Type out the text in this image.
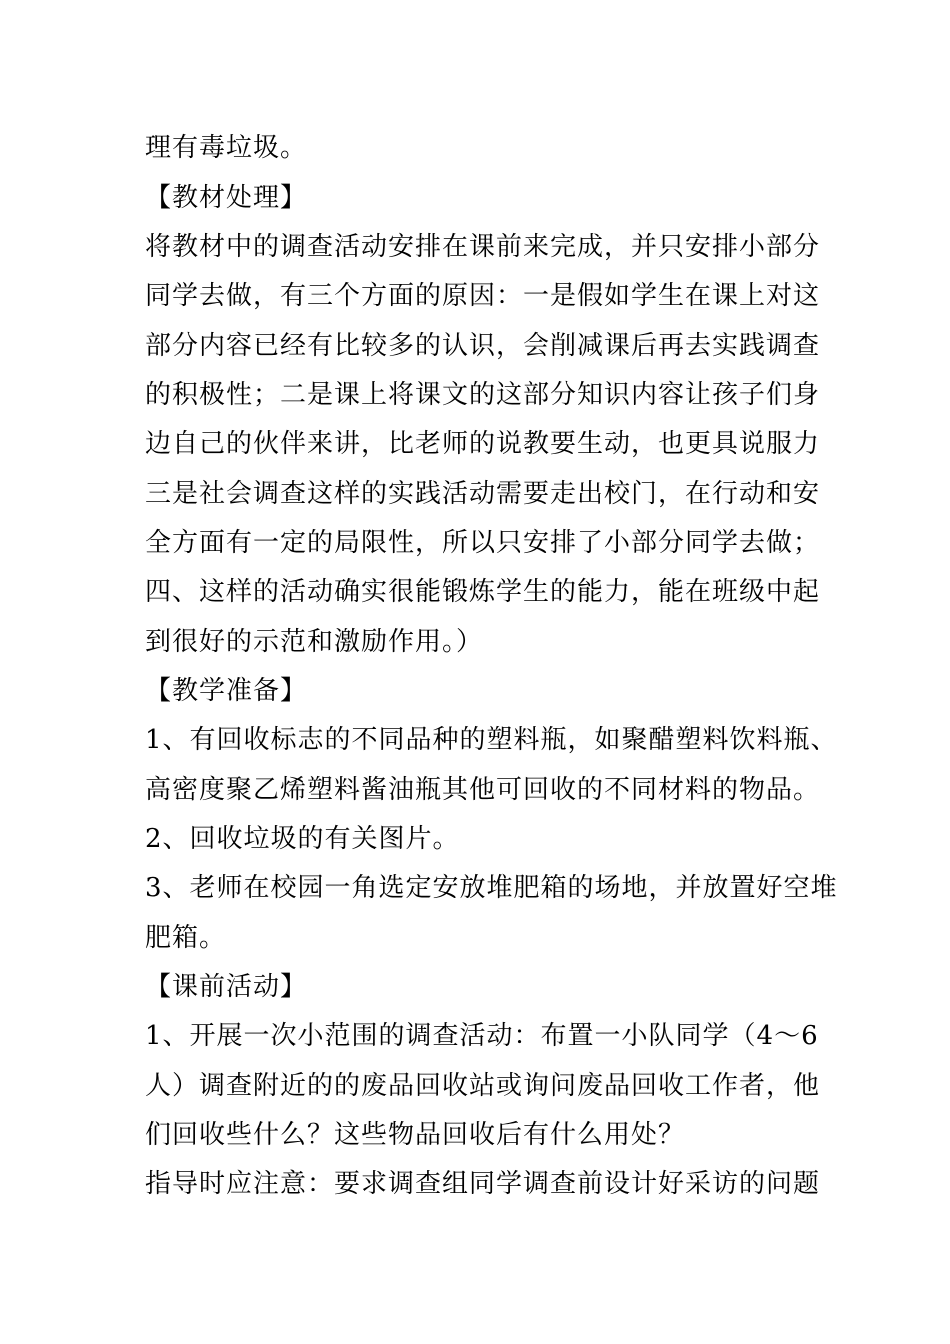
理有毒垃圾。
【教材处理】
将教材中的调查活动安排在课前来完成，并只安排小部分
同学去做，有三个方面的原因：一是假如学生在课上对这
部分内容已经有比较多的认识，会削减课后再去实践调查
的积极性；二是课上将课文的这部分知识内容让孩子们身
边自己的伙伴来讲，比老师的说教要生动，也更具说服力
三是社会调查这样的实践活动需要走出校门，在行动和安
全方面有一定的局限性，所以只安排了小部分同学去做；
四、这样的活动确实很能锻炼学生的能力，能在班级中起
到很好的示范和激励作用。）
【教学准备】
1、有回收标志的不同品种的塑料瓶，如聚醋塑料饮料瓶、
高密度聚乙烯塑料酱油瓶其他可回收的不同材料的物品。
2、回收垃圾的有关图片。
3、老师在校园一角选定安放堆肥箱的场地，并放置好空堆
肥箱。
【课前活动】
1、开展一次小范围的调查活动：布置一小队同学（4～6
人）调查附近的的废品回收站或询问废品回收工作者，他
们回收些什么？这些物品回收后有什么用处？
指导时应注意：要求调查组同学调查前设计好采访的问题
